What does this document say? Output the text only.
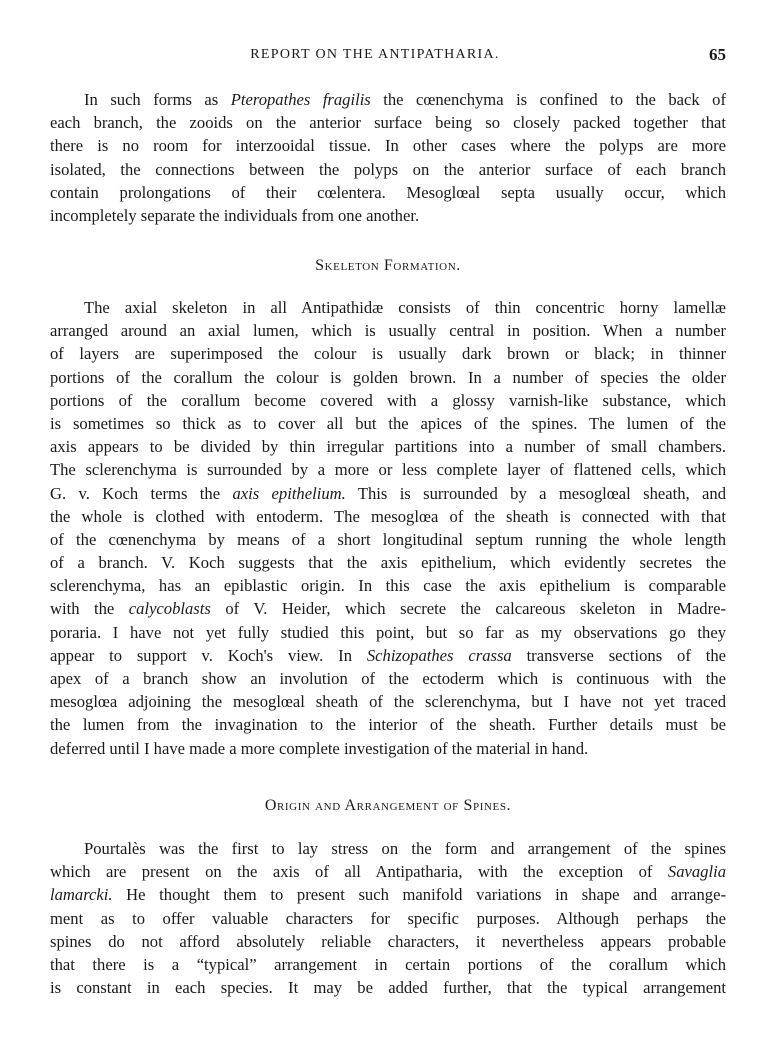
REPORT ON THE ANTIPATHARIA.	65
In such forms as Pteropathes fragilis the cœnenchyma is confined to the back of
each branch, the zooids on the anterior surface being so closely packed together that
there is no room for interzooidal tissue. In other cases where the polyps are more
isolated, the connections between the polyps on the anterior surface of each branch
contain prolongations of their cœlentera. Mesoglœal septa usually occur, which
incompletely separate the individuals from one another.
Skeleton Formation.
The axial skeleton in all Antipathidæ consists of thin concentric horny lamellæ
arranged around an axial lumen, which is usually central in position. When a number
of layers are superimposed the colour is usually dark brown or black; in thinner
portions of the corallum the colour is golden brown. In a number of species the older
portions of the corallum become covered with a glossy varnish-like substance, which
is sometimes so thick as to cover all but the apices of the spines. The lumen of the
axis appears to be divided by thin irregular partitions into a number of small chambers.
The sclerenchyma is surrounded by a more or less complete layer of flattened cells, which
G. v. Koch terms the axis epithelium. This is surrounded by a mesoglœal sheath, and
the whole is clothed with entoderm. The mesoglœa of the sheath is connected with that
of the cœnenchyma by means of a short longitudinal septum running the whole length
of a branch. V. Koch suggests that the axis epithelium, which evidently secretes the
sclerenchyma, has an epiblastic origin. In this case the axis epithelium is comparable
with the calycoblasts of V. Heider, which secrete the calcareous skeleton in Madre-
poraria. I have not yet fully studied this point, but so far as my observations go they
appear to support v. Koch's view. In Schizopathes crassa transverse sections of the
apex of a branch show an involution of the ectoderm which is continuous with the
mesoglœa adjoining the mesoglœal sheath of the sclerenchyma, but I have not yet traced
the lumen from the invagination to the interior of the sheath. Further details must be
deferred until I have made a more complete investigation of the material in hand.
Origin and Arrangement of Spines.
Pourtalès was the first to lay stress on the form and arrangement of the spines
which are present on the axis of all Antipatharia, with the exception of Savaglia
lamarcki. He thought them to present such manifold variations in shape and arrange-
ment as to offer valuable characters for specific purposes. Although perhaps the
spines do not afford absolutely reliable characters, it nevertheless appears probable
that there is a “typical” arrangement in certain portions of the corallum which
is constant in each species. It may be added further, that the typical arrangement
